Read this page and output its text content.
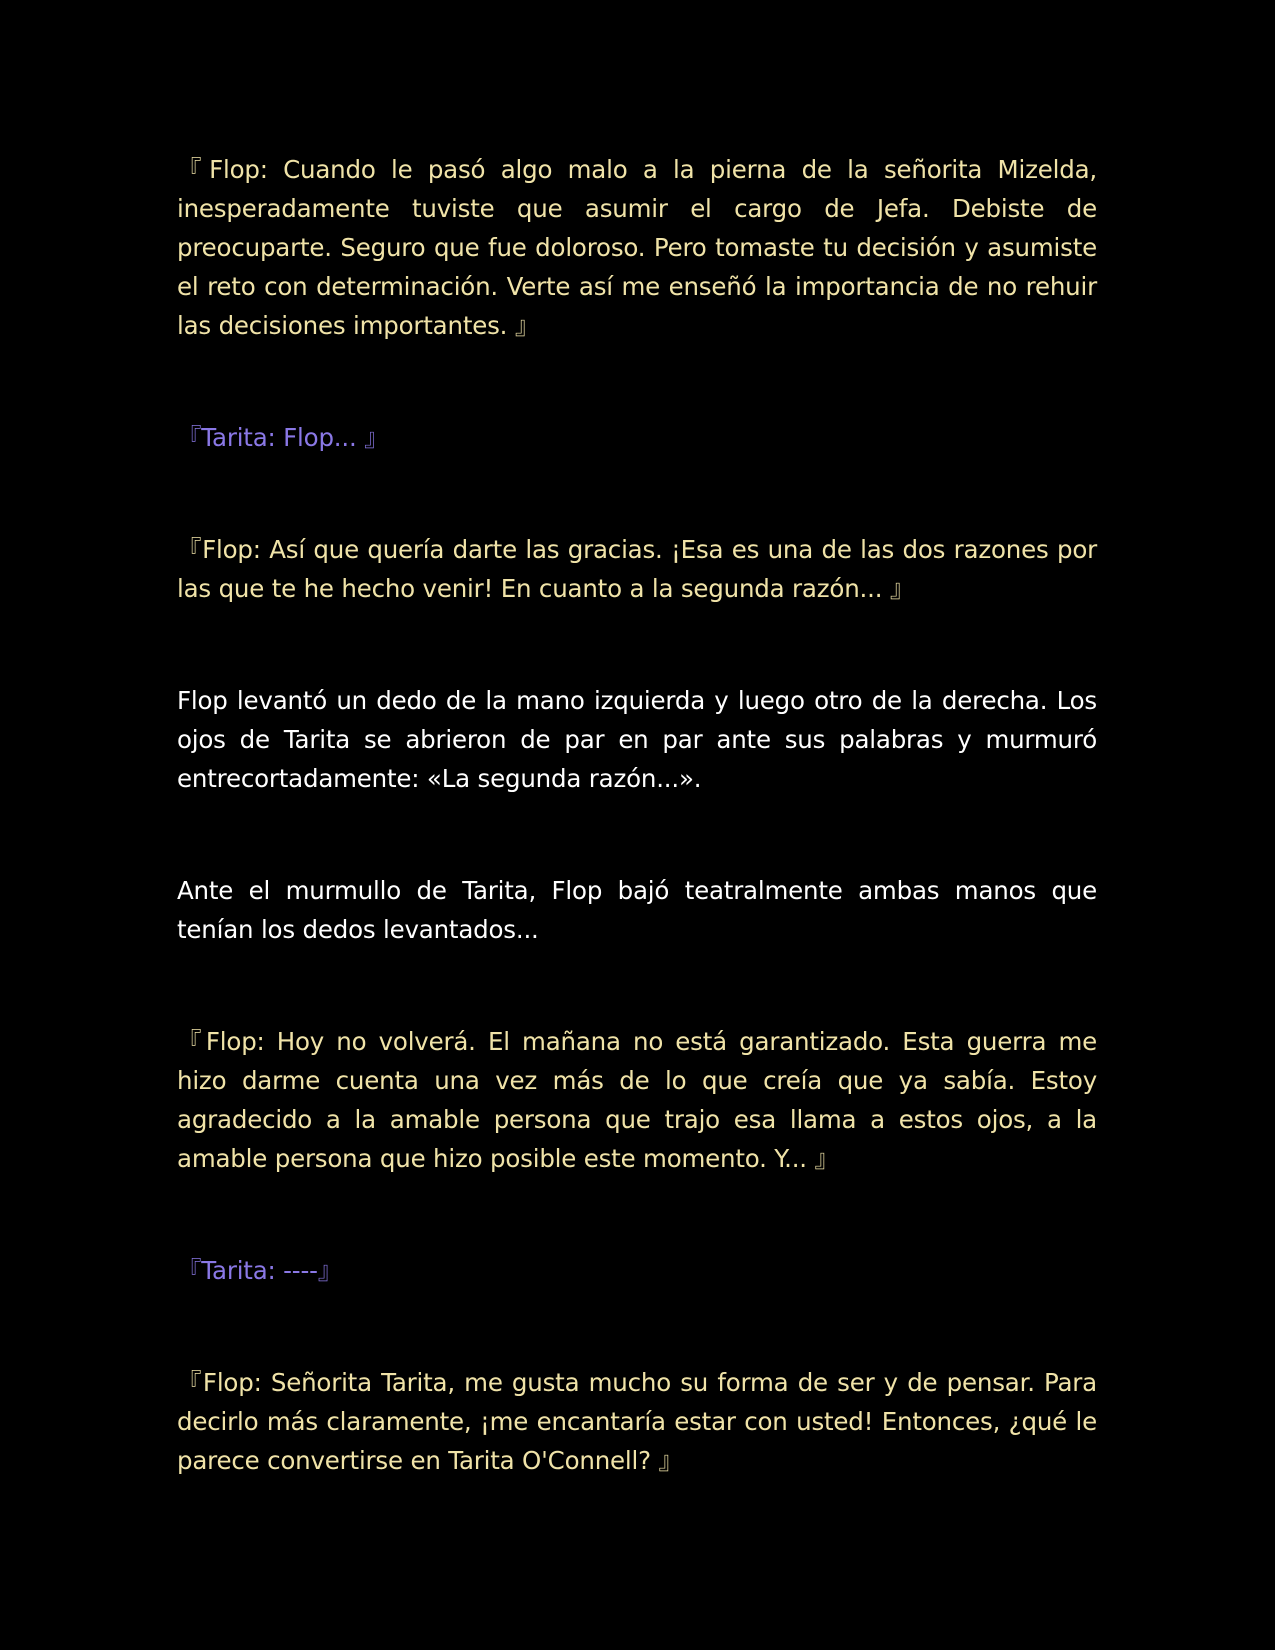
『Flop: Cuando le pasó algo malo a la pierna de la señorita Mizelda, inesperadamente tuviste que asumir el cargo de Jefa. Debiste de preocuparte. Seguro que fue doloroso. Pero tomaste tu decisión y asumiste el reto con determinación. Verte así me enseñó la importancia de no rehuir las decisiones importantes. 』

『Tarita: Flop... 』

『Flop: Así que quería darte las gracias. ¡Esa es una de las dos razones por las que te he hecho venir! En cuanto a la segunda razón... 』

Flop levantó un dedo de la mano izquierda y luego otro de la derecha. Los ojos de Tarita se abrieron de par en par ante sus palabras y murmuró entrecortadamente: «La segunda razón...».

Ante el murmullo de Tarita, Flop bajó teatralmente ambas manos que tenían los dedos levantados...

『Flop: Hoy no volverá. El mañana no está garantizado. Esta guerra me hizo darme cuenta una vez más de lo que creía que ya sabía. Estoy agradecido a la amable persona que trajo esa llama a estos ojos, a la amable persona que hizo posible este momento. Y... 』

『Tarita: ----』

『Flop: Señorita Tarita, me gusta mucho su forma de ser y de pensar. Para decirlo más claramente, ¡me encantaría estar con usted! Entonces, ¿qué le parece convertirse en Tarita O'Connell? 』
